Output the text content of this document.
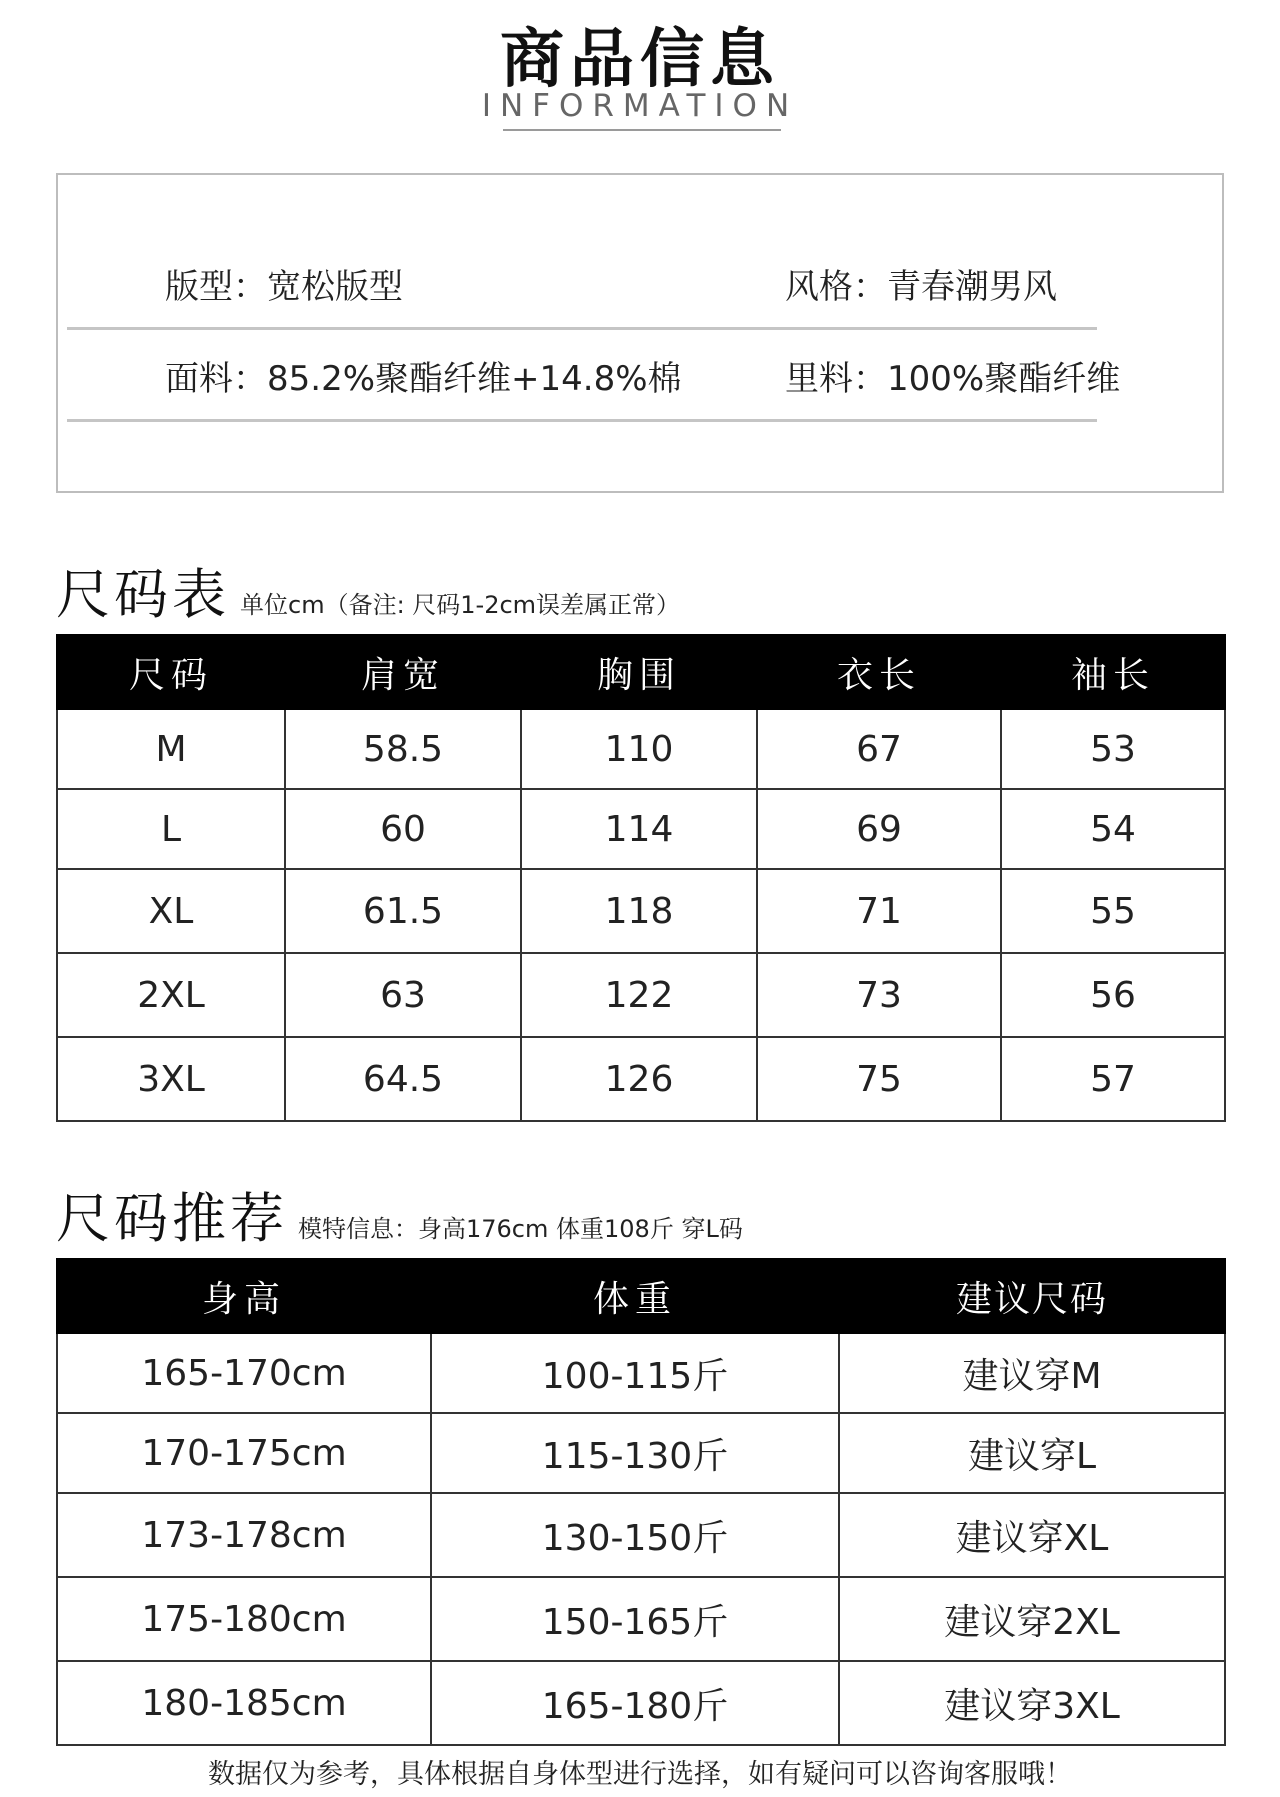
商品信息
INFORMATION
版型：宽松版型	风格：青春潮男风
面料：85.2%聚酯纤维+14.8%棉	里料：100%聚酯纤维
尺码表 单位cm（备注: 尺码1-2cm误差属正常）
尺码	肩宽	胸围	衣长	袖长
M	58.5	110	67	53
L	60	114	69	54
XL	61.5	118	71	55
2XL	63	122	73	56
3XL	64.5	126	75	57
尺码推荐 模特信息：身高176cm 体重108斤 穿L码
身高	体重	建议尺码
165-170cm	100-115斤	建议穿M
170-175cm	115-130斤	建议穿L
173-178cm	130-150斤	建议穿XL
175-180cm	150-165斤	建议穿2XL
180-185cm	165-180斤	建议穿3XL
数据仅为参考，具体根据自身体型进行选择，如有疑问可以咨询客服哦！
